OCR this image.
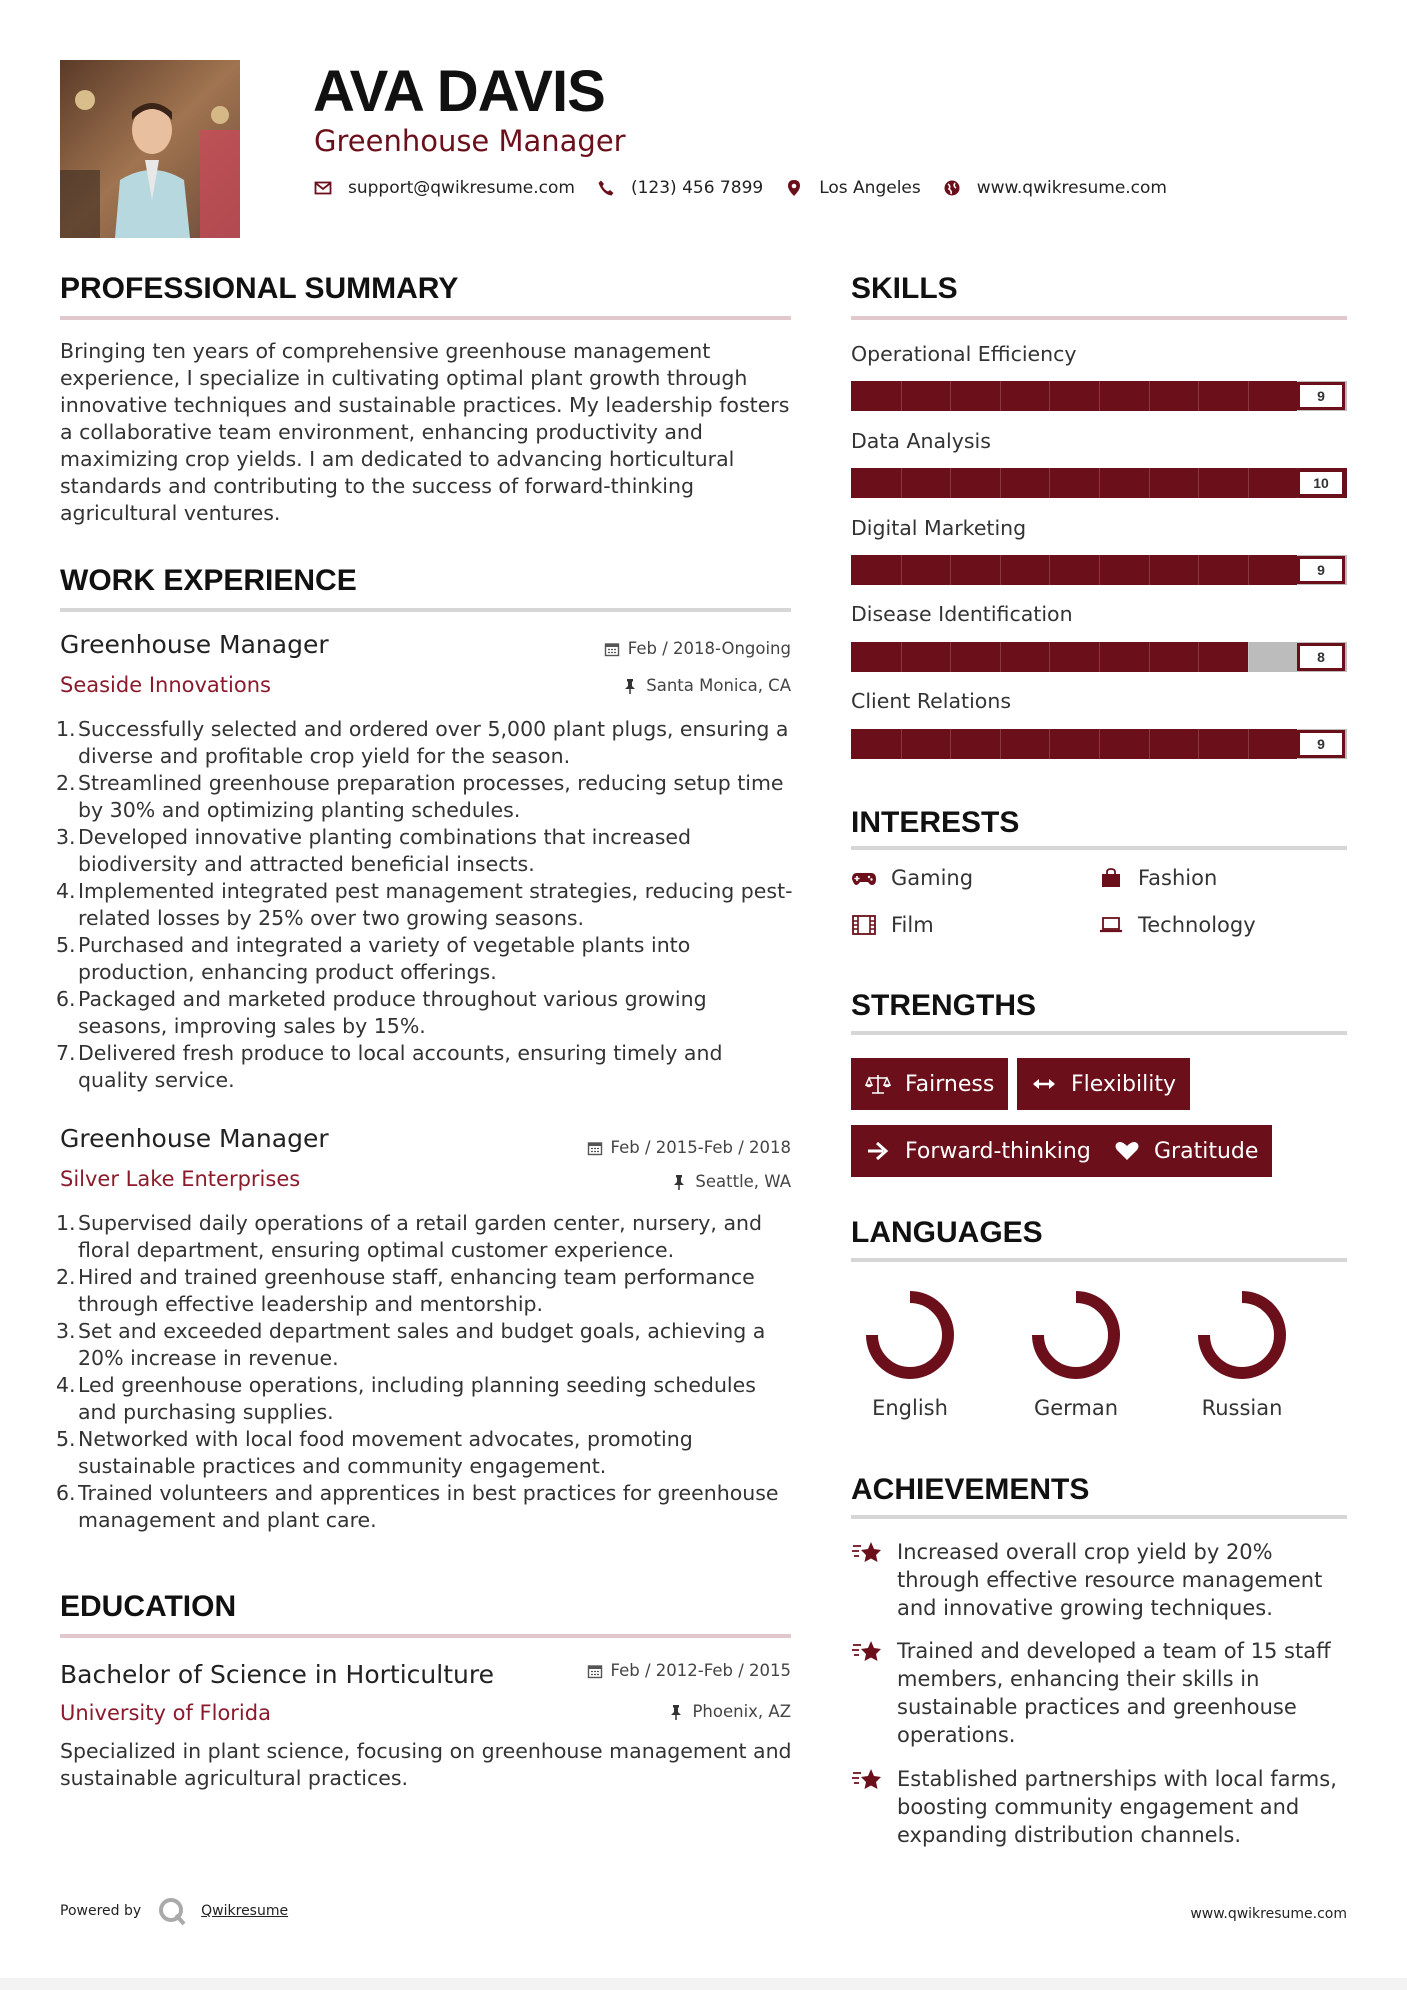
AVA DAVIS
Greenhouse Manager
support@qwikresume.com	(123) 456 7899	Los Angeles	www.qwikresume.com
PROFESSIONAL SUMMARY
Bringing ten years of comprehensive greenhouse management experience, I specialize in cultivating optimal plant growth through innovative techniques and sustainable practices. My leadership fosters a collaborative team environment, enhancing productivity and maximizing crop yields. I am dedicated to advancing horticultural standards and contributing to the success of forward-thinking agricultural ventures.
WORK EXPERIENCE
Greenhouse Manager	Feb / 2018-Ongoing
Seaside Innovations	Santa Monica, CA
1. Successfully selected and ordered over 5,000 plant plugs, ensuring a diverse and profitable crop yield for the season.
2. Streamlined greenhouse preparation processes, reducing setup time by 30% and optimizing planting schedules.
3. Developed innovative planting combinations that increased biodiversity and attracted beneficial insects.
4. Implemented integrated pest management strategies, reducing pest-related losses by 25% over two growing seasons.
5. Purchased and integrated a variety of vegetable plants into production, enhancing product offerings.
6. Packaged and marketed produce throughout various growing seasons, improving sales by 15%.
7. Delivered fresh produce to local accounts, ensuring timely and quality service.
Greenhouse Manager	Feb / 2015-Feb / 2018
Silver Lake Enterprises	Seattle, WA
1. Supervised daily operations of a retail garden center, nursery, and floral department, ensuring optimal customer experience.
2. Hired and trained greenhouse staff, enhancing team performance through effective leadership and mentorship.
3. Set and exceeded department sales and budget goals, achieving a 20% increase in revenue.
4. Led greenhouse operations, including planning seeding schedules and purchasing supplies.
5. Networked with local food movement advocates, promoting sustainable practices and community engagement.
6. Trained volunteers and apprentices in best practices for greenhouse management and plant care.
EDUCATION
Bachelor of Science in Horticulture	Feb / 2012-Feb / 2015
University of Florida	Phoenix, AZ
Specialized in plant science, focusing on greenhouse management and sustainable agricultural practices.
SKILLS
Operational Efficiency
9
Data Analysis
10
Digital Marketing
9
Disease Identification
8
Client Relations
9
INTERESTS
Gaming	Fashion
Film	Technology
STRENGTHS
Fairness	Flexibility
Forward-thinking	Gratitude
LANGUAGES
English	German	Russian
ACHIEVEMENTS
Increased overall crop yield by 20% through effective resource management and innovative growing techniques.
Trained and developed a team of 15 staff members, enhancing their skills in sustainable practices and greenhouse operations.
Established partnerships with local farms, boosting community engagement and expanding distribution channels.
Powered by	Qwikresume	www.qwikresume.com
